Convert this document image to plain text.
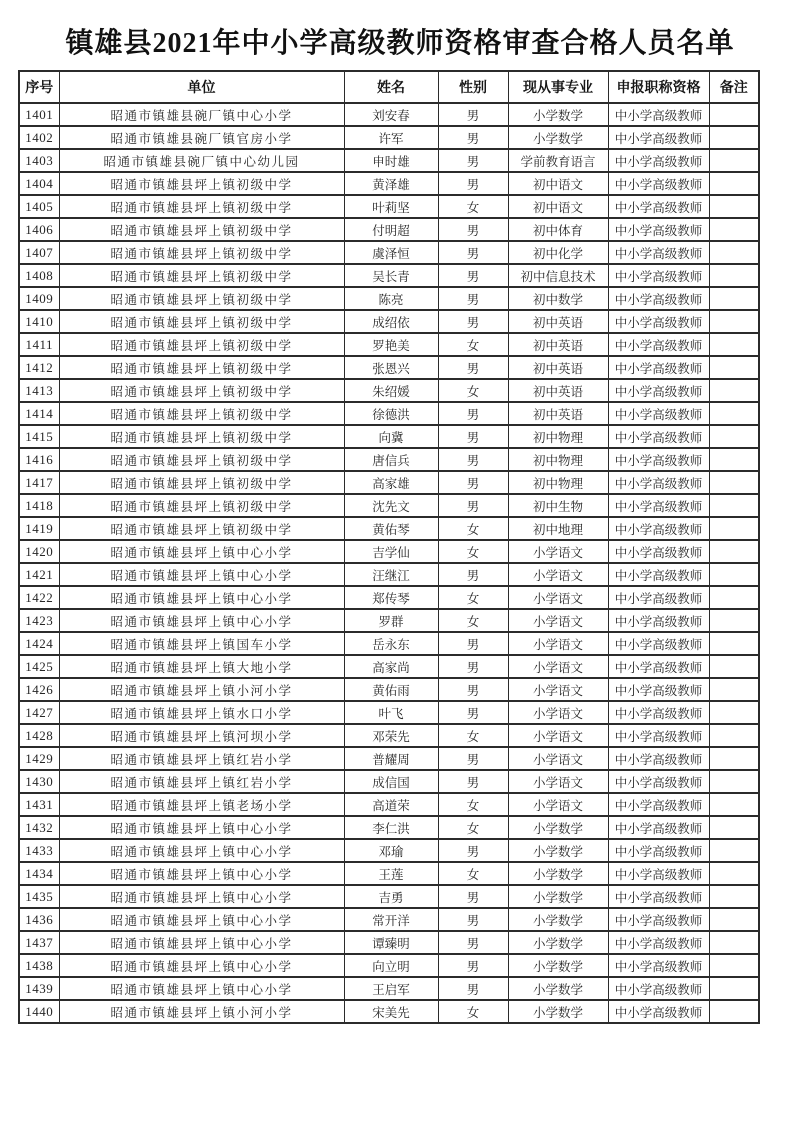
镇雄县2021年中小学高级教师资格审查合格人员名单
序号	单位	姓名	性别	现从事专业	申报职称资格	备注
1401	昭通市镇雄县碗厂镇中心小学	刘安春	男	小学数学	中小学高级教师	
1402	昭通市镇雄县碗厂镇官房小学	许军	男	小学数学	中小学高级教师	
1403	昭通市镇雄县碗厂镇中心幼儿园	申时雄	男	学前教育语言	中小学高级教师	
1404	昭通市镇雄县坪上镇初级中学	黄泽雄	男	初中语文	中小学高级教师	
1405	昭通市镇雄县坪上镇初级中学	叶莉坚	女	初中语文	中小学高级教师	
1406	昭通市镇雄县坪上镇初级中学	付明超	男	初中体育	中小学高级教师	
1407	昭通市镇雄县坪上镇初级中学	虞泽恒	男	初中化学	中小学高级教师	
1408	昭通市镇雄县坪上镇初级中学	吴长青	男	初中信息技术	中小学高级教师	
1409	昭通市镇雄县坪上镇初级中学	陈亮	男	初中数学	中小学高级教师	
1410	昭通市镇雄县坪上镇初级中学	成绍依	男	初中英语	中小学高级教师	
1411	昭通市镇雄县坪上镇初级中学	罗艳美	女	初中英语	中小学高级教师	
1412	昭通市镇雄县坪上镇初级中学	张恩兴	男	初中英语	中小学高级教师	
1413	昭通市镇雄县坪上镇初级中学	朱绍媛	女	初中英语	中小学高级教师	
1414	昭通市镇雄县坪上镇初级中学	徐德洪	男	初中英语	中小学高级教师	
1415	昭通市镇雄县坪上镇初级中学	向冀	男	初中物理	中小学高级教师	
1416	昭通市镇雄县坪上镇初级中学	唐信兵	男	初中物理	中小学高级教师	
1417	昭通市镇雄县坪上镇初级中学	高家雄	男	初中物理	中小学高级教师	
1418	昭通市镇雄县坪上镇初级中学	沈先文	男	初中生物	中小学高级教师	
1419	昭通市镇雄县坪上镇初级中学	黄佑琴	女	初中地理	中小学高级教师	
1420	昭通市镇雄县坪上镇中心小学	吉学仙	女	小学语文	中小学高级教师	
1421	昭通市镇雄县坪上镇中心小学	汪继江	男	小学语文	中小学高级教师	
1422	昭通市镇雄县坪上镇中心小学	郑传琴	女	小学语文	中小学高级教师	
1423	昭通市镇雄县坪上镇中心小学	罗群	女	小学语文	中小学高级教师	
1424	昭通市镇雄县坪上镇国车小学	岳永东	男	小学语文	中小学高级教师	
1425	昭通市镇雄县坪上镇大地小学	高家尚	男	小学语文	中小学高级教师	
1426	昭通市镇雄县坪上镇小河小学	黄佑雨	男	小学语文	中小学高级教师	
1427	昭通市镇雄县坪上镇水口小学	叶飞	男	小学语文	中小学高级教师	
1428	昭通市镇雄县坪上镇河坝小学	邓荣先	女	小学语文	中小学高级教师	
1429	昭通市镇雄县坪上镇红岩小学	普耀周	男	小学语文	中小学高级教师	
1430	昭通市镇雄县坪上镇红岩小学	成信国	男	小学语文	中小学高级教师	
1431	昭通市镇雄县坪上镇老场小学	高道荣	女	小学语文	中小学高级教师	
1432	昭通市镇雄县坪上镇中心小学	李仁洪	女	小学数学	中小学高级教师	
1433	昭通市镇雄县坪上镇中心小学	邓瑜	男	小学数学	中小学高级教师	
1434	昭通市镇雄县坪上镇中心小学	王莲	女	小学数学	中小学高级教师	
1435	昭通市镇雄县坪上镇中心小学	吉勇	男	小学数学	中小学高级教师	
1436	昭通市镇雄县坪上镇中心小学	常开洋	男	小学数学	中小学高级教师	
1437	昭通市镇雄县坪上镇中心小学	谭臻明	男	小学数学	中小学高级教师	
1438	昭通市镇雄县坪上镇中心小学	向立明	男	小学数学	中小学高级教师	
1439	昭通市镇雄县坪上镇中心小学	王启军	男	小学数学	中小学高级教师	
1440	昭通市镇雄县坪上镇小河小学	宋美先	女	小学数学	中小学高级教师	
